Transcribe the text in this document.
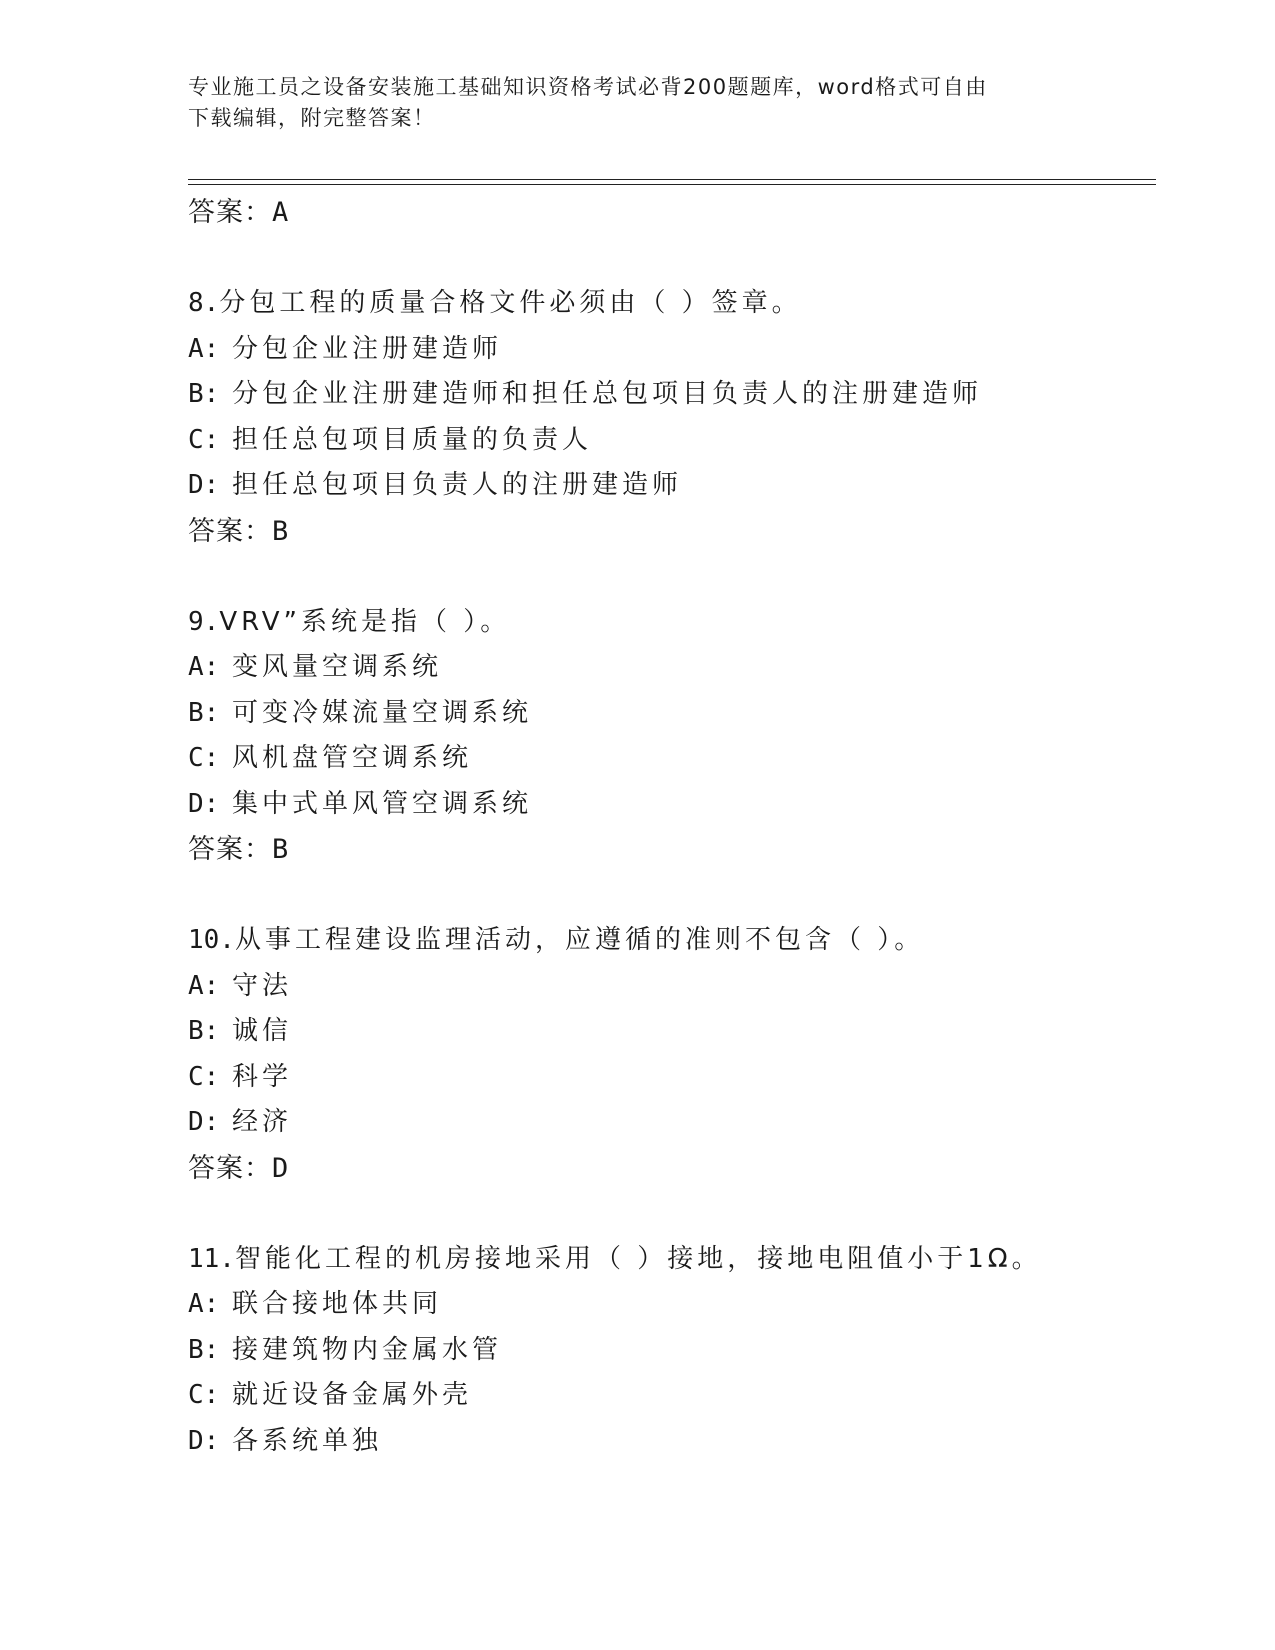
专业施工员之设备安装施工基础知识资格考试必背200题题库，word格式可自由
下载编辑，附完整答案！
答案：A
8.分包工程的质量合格文件必须由（ ）签章。
A: 分包企业注册建造师
B: 分包企业注册建造师和担任总包项目负责人的注册建造师
C: 担任总包项目质量的负责人
D: 担任总包项目负责人的注册建造师
答案：B
9.VRV”系统是指（ ）。
A: 变风量空调系统
B: 可变冷媒流量空调系统
C: 风机盘管空调系统
D: 集中式单风管空调系统
答案：B
10.从事工程建设监理活动，应遵循的准则不包含（ ）。
A: 守法
B: 诚信
C: 科学
D: 经济
答案：D
11.智能化工程的机房接地采用（ ）接地，接地电阻值小于1Ω。
A: 联合接地体共同
B: 接建筑物内金属水管
C: 就近设备金属外壳
D: 各系统单独
